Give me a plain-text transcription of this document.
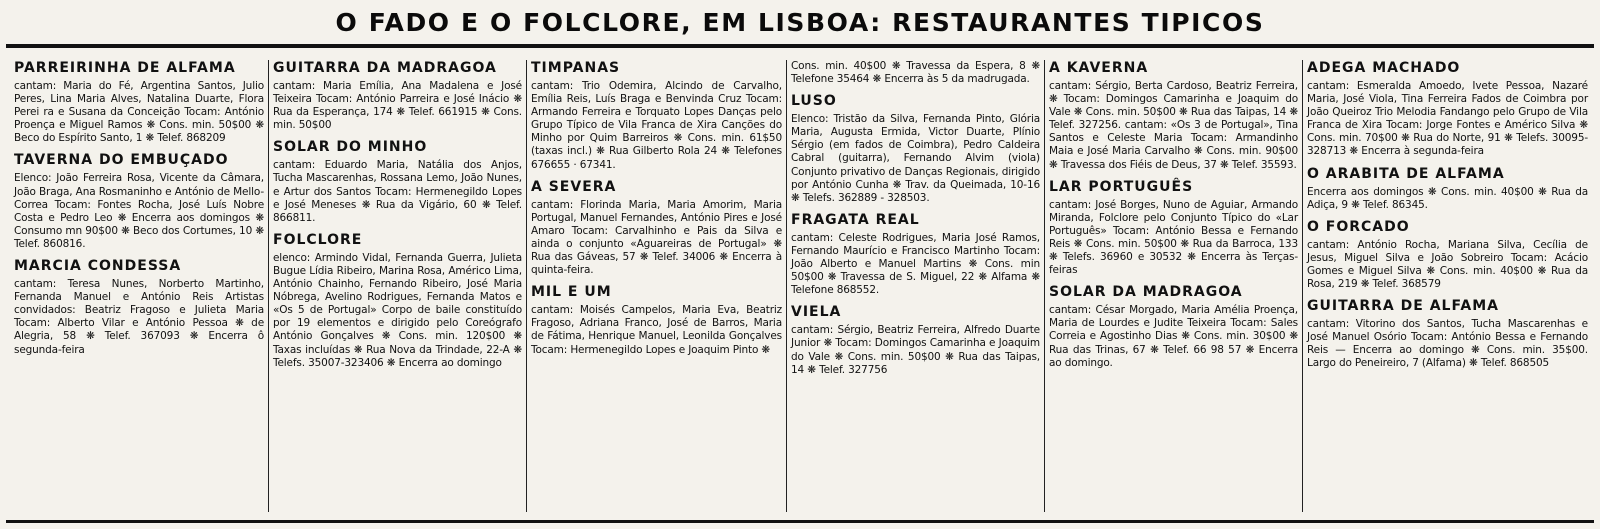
O FADO E O FOLCLORE, EM LISBOA: RESTAURANTES TIPICOS
PARREIRINHA DE ALFAMA

cantam: Maria do Fé, Argentina Santos, Julio Peres, Lina Maria Alves, Natalina Duarte, Flora Perei ra e Susana da Conceição Tocam: António Proença e Miguel Ramos ❋ Cons. min. 50$00 ❋ Beco do Espírito Santo, 1 ❋ Telef. 868209

TAVERNA DO EMBUÇADO

Elenco: João Ferreira Rosa, Vicente da Câmara, João Braga, Ana Rosmaninho e António de Mello-Correa Tocam: Fontes Rocha, José Luís Nobre Costa e Pedro Leo ❋ Encerra aos domingos ❋ Consumo mn 90$00 ❋ Beco dos Cortumes, 10 ❋ Telef. 860816.

MARCIA CONDESSA

cantam: Teresa Nunes, Norberto Martinho, Fernanda Manuel e António Reis Artistas convidados: Beatriz Fragoso e Julieta Maria Tocam: Alberto Vilar e António Pessoa ❋ de Alegria, 58 ❋ Telef. 367093 ❋ Encerra ô segunda-feira

GUITARRA DA MADRAGOA

cantam: Maria Emília, Ana Madalena e José Teixeira Tocam: António Parreira e José Inácio ❋ Rua da Esperança, 174 ❋ Telef. 661915 ❋ Cons. min. 50$00

SOLAR DO MINHO

cantam: Eduardo Maria, Natália dos Anjos, Tucha Mascarenhas, Rossana Lemo, João Nunes, e Artur dos Santos Tocam: Hermenegildo Lopes e José Meneses ❋ Rua da Vigário, 60 ❋ Telef. 866811.

FOLCLORE

elenco: Armindo Vidal, Fernanda Guerra, Julieta Bugue Lídia Ribeiro, Marina Rosa, Américo Lima, António Chainho, Fernando Ribeiro, José Maria Nóbrega, Avelino Rodrigues, Fernanda Matos e «Os 5 de Portugal» Corpo de baile constituído por 19 elementos e dirigido pelo Coreógrafo António Gonçalves ❋ Cons. min. 120$00 ❋ Taxas incluídas ❋ Rua Nova da Trindade, 22-A ❋ Telefs. 35007-323406 ❋ Encerra ao domingo

TIMPANAS

cantam: Trio Odemira, Alcindo de Carvalho, Emília Reis, Luís Braga e Benvinda Cruz Tocam: Armando Ferreira e Torquato Lopes Danças pelo Grupo Típico de Vila Franca de Xira Canções do Minho por Quim Barreiros ❋ Cons. min. 61$50 (taxas incl.) ❋ Rua Gilberto Rola 24 ❋ Telefones 676655 · 67341.

A SEVERA

cantam: Florinda Maria, Maria Amorim, Maria Portugal, Manuel Fernandes, António Pires e José Amaro Tocam: Carvalhinho e Pais da Silva e ainda o conjunto «Aguareiras de Portugal» ❋ Rua das Gáveas, 57 ❋ Telef. 34006 ❋ Encerra à quinta-feira.

MIL E UM

cantam: Moisés Campelos, Maria Eva, Beatriz Fragoso, Adriana Franco, José de Barros, Maria de Fátima, Henrique Manuel, Leonilda Gonçalves Tocam: Hermenegildo Lopes e Joaquim Pinto ❋

Cons. min. 40$00 ❋ Travessa da Espera, 8 ❋ Telefone 35464 ❋ Encerra às 5 da madrugada.

LUSO

Elenco: Tristão da Silva, Fernanda Pinto, Glória Maria, Augusta Ermida, Victor Duarte, Plínio Sérgio (em fados de Coimbra), Pedro Caldeira Cabral (guitarra), Fernando Alvim (viola) Conjunto privativo de Danças Regionais, dirigido por António Cunha ❋ Trav. da Queimada, 10-16 ❋ Telefs. 362889 - 328503.

FRAGATA REAL

cantam: Celeste Rodrigues, Maria José Ramos, Fernando Maurício e Francisco Martinho Tocam: João Alberto e Manuel Martins ❋ Cons. min 50$00 ❋ Travessa de S. Miguel, 22 ❋ Alfama ❋ Telefone 868552.

VIELA

cantam: Sérgio, Beatriz Ferreira, Alfredo Duarte Junior ❋ Tocam: Domingos Camarinha e Joaquim do Vale ❋ Cons. min. 50$00 ❋ Rua das Taipas, 14 ❋ Telef. 327756

A KAVERNA

cantam: Sérgio, Berta Cardoso, Beatriz Ferreira, ❋ Tocam: Domingos Camarinha e Joaquim do Vale ❋ Cons. min. 50$00 ❋ Rua das Taipas, 14 ❋ Telef. 327256. cantam: «Os 3 de Portugal», Tina Santos e Celeste Maria Tocam: Armandinho Maia e José Maria Carvalho ❋ Cons. min. 90$00 ❋ Travessa dos Fiéis de Deus, 37 ❋ Telef. 35593.

LAR PORTUGUÊS

cantam: José Borges, Nuno de Aguiar, Armando Miranda, Folclore pelo Conjunto Típico do «Lar Português» Tocam: António Bessa e Fernando Reis ❋ Cons. min. 50$00 ❋ Rua da Barroca, 133 ❋ Telefs. 36960 e 30532 ❋ Encerra às Terças-feiras

SOLAR DA MADRAGOA

cantam: César Morgado, Maria Amélia Proença, Maria de Lourdes e Judite Teixeira Tocam: Sales Correia e Agostinho Dias ❋ Cons. min. 30$00 ❋ Rua das Trinas, 67 ❋ Telef. 66 98 57 ❋ Encerra ao domingo.

ADEGA MACHADO

cantam: Esmeralda Amoedo, Ivete Pessoa, Nazaré Maria, José Viola, Tina Ferreira Fados de Coimbra por João Queiroz Trio Melodia Fandango pelo Grupo de Vila Franca de Xira Tocam: Jorge Fontes e Américo Silva ❋ Cons. min. 70$00 ❋ Rua do Norte, 91 ❋ Telefs. 30095-328713 ❋ Encerra à segunda-feira

O ARABITA DE ALFAMA

Encerra aos domingos ❋ Cons. min. 40$00 ❋ Rua da Adiça, 9 ❋ Telef. 86345.

O FORCADO

cantam: António Rocha, Mariana Silva, Cecília de Jesus, Miguel Silva e João Sobreiro Tocam: Acácio Gomes e Miguel Silva ❋ Cons. min. 40$00 ❋ Rua da Rosa, 219 ❋ Telef. 368579

GUITARRA DE ALFAMA

cantam: Vitorino dos Santos, Tucha Mascarenhas e José Manuel Osório Tocam: António Bessa e Fernando Reis — Encerra ao domingo ❋ Cons. min. 35$00. Largo do Peneireiro, 7 (Alfama) ❋ Telef. 868505
